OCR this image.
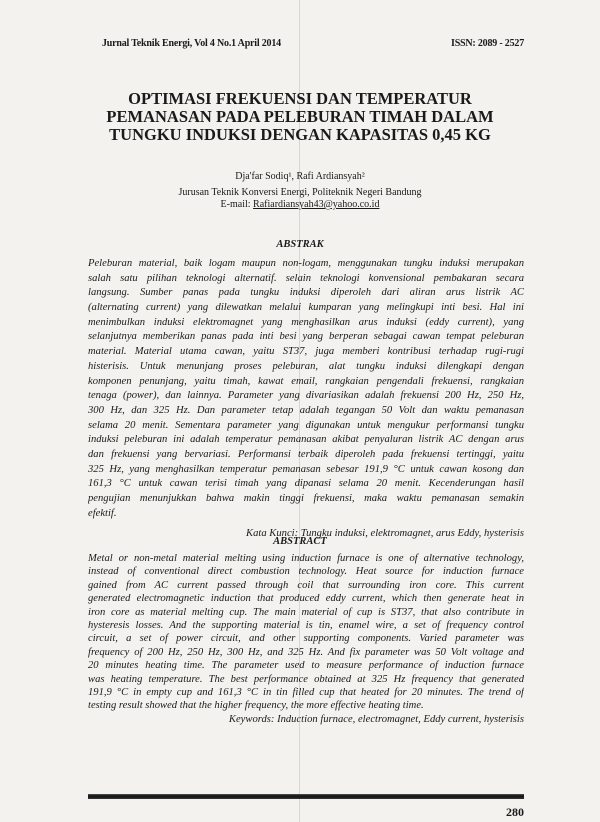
Jurnal Teknik Energi, Vol 4 No.1 April 2014	ISSN: 2089 - 2527
OPTIMASI FREKUENSI DAN TEMPERATUR
PEMANASAN PADA PELEBURAN TIMAH DALAM
TUNGKU INDUKSI DENGAN KAPASITAS 0,45 KG
Dja'far Sodiq¹, Rafi Ardiansyah²
Jurusan Teknik Konversi Energi, Politeknik Negeri Bandung
E-mail: Rafiardiansyah43@yahoo.co.id
ABSTRAK
Peleburan material, baik logam maupun non-logam, menggunakan tungku induksi merupakan
salah satu pilihan teknologi alternatif. selain teknologi konvensional pembakaran secara
langsung. Sumber panas pada tungku induksi diperoleh dari aliran arus listrik AC
(alternating current) yang dilewatkan melalui kumparan yang melingkupi inti besi. Hal ini
menimbulkan induksi elektromagnet yang menghasilkan arus induksi (eddy current), yang
selanjutnya memberikan panas pada inti besi yang berperan sebagai cawan tempat peleburan
material. Material utama cawan, yaitu ST37, juga memberi kontribusi terhadap rugi-rugi
histerisis. Untuk menunjang proses peleburan, alat tungku induksi dilengkapi dengan
komponen penunjang, yaitu timah, kawat email, rangkaian pengendali frekuensi, rangkaian
tenaga (power), dan lainnya. Parameter yang divariasikan adalah frekuensi 200 Hz, 250 Hz,
300 Hz, dan 325 Hz. Dan parameter tetap adalah tegangan 50 Volt dan waktu pemanasan
selama 20 menit. Sementara parameter yang digunakan untuk mengukur performansi tungku
induksi peleburan ini adalah temperatur pemanasan akibat penyaluran listrik AC dengan arus
dan frekuensi yang bervariasi. Performansi terbaik diperoleh pada frekuensi tertinggi, yaitu
325 Hz, yang menghasilkan temperatur pemanasan sebesar 191,9 °C untuk cawan kosong dan
161,3 °C untuk cawan terisi timah yang dipanasi selama 20 menit. Kecenderungan hasil
pengujian menunjukkan bahwa makin tinggi frekuensi, maka waktu pemanasan semakin
efektif.
Kata Kunci: Tungku induksi, elektromagnet, arus Eddy, hysterisis
ABSTRACT
Metal or non-metal material melting using induction furnace is one of alternative technology,
instead of conventional direct combustion technology. Heat source for induction furnace
gained from AC current passed through coil that surrounding iron core. This current
generated electromagnetic induction that produced eddy current, which then generate heat in
iron core as material melting cup. The main material of cup is ST37, that also contribute in
hysteresis losses. And the supporting material is tin, enamel wire, a set of frequency control
circuit, a set of power circuit, and other supporting components. Varied parameter was
frequency of 200 Hz, 250 Hz, 300 Hz, and 325 Hz. And fix parameter was 50 Volt voltage and
20 minutes heating time. The parameter used to measure performance of induction furnace
was heating temperature. The best performance obtained at 325 Hz frequency that generated
191,9 °C in empty cup and 161,3 °C in tin filled cup that heated for 20 minutes. The trend of
testing result showed that the higher frequency, the more effective heating time.
Keywords: Induction furnace, electromagnet, Eddy current, hysterisis
280
